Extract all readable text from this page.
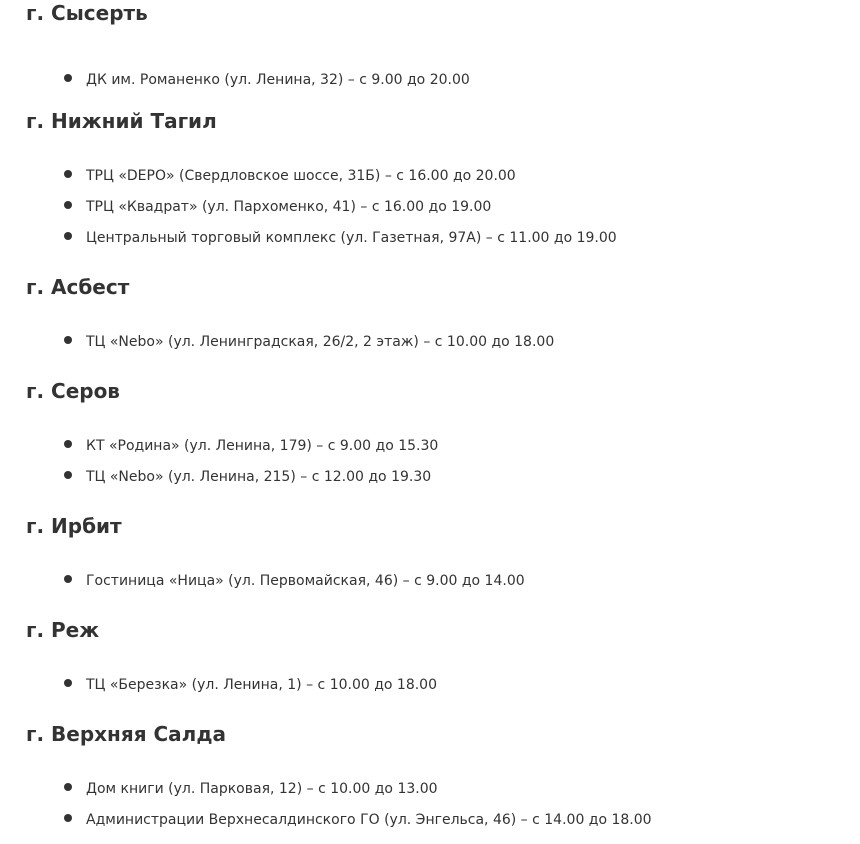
г. Сысерть
ДК им. Романенко (ул. Ленина, 32) – с 9.00 до 20.00
г. Нижний Тагил
ТРЦ «DEPO» (Свердловское шоссе, 31Б) – с 16.00 до 20.00
ТРЦ «Квадрат» (ул. Пархоменко, 41) – с 16.00 до 19.00
Центральный торговый комплекс (ул. Газетная, 97А) – с 11.00 до 19.00
г. Асбест
ТЦ «Nebo» (ул. Ленинградская, 26/2, 2 этаж) – с 10.00 до 18.00
г. Серов
КТ «Родина» (ул. Ленина, 179) – с 9.00 до 15.30
ТЦ «Nebo» (ул. Ленина, 215) – с 12.00 до 19.30
г. Ирбит
Гостиница «Ница» (ул. Первомайская, 46) – с 9.00 до 14.00
г. Реж
ТЦ «Березка» (ул. Ленина, 1) – с 10.00 до 18.00
г. Верхняя Салда
Дом книги (ул. Парковая, 12) – с 10.00 до 13.00
Администрации Верхнесалдинского ГО (ул. Энгельса, 46) – с 14.00 до 18.00
